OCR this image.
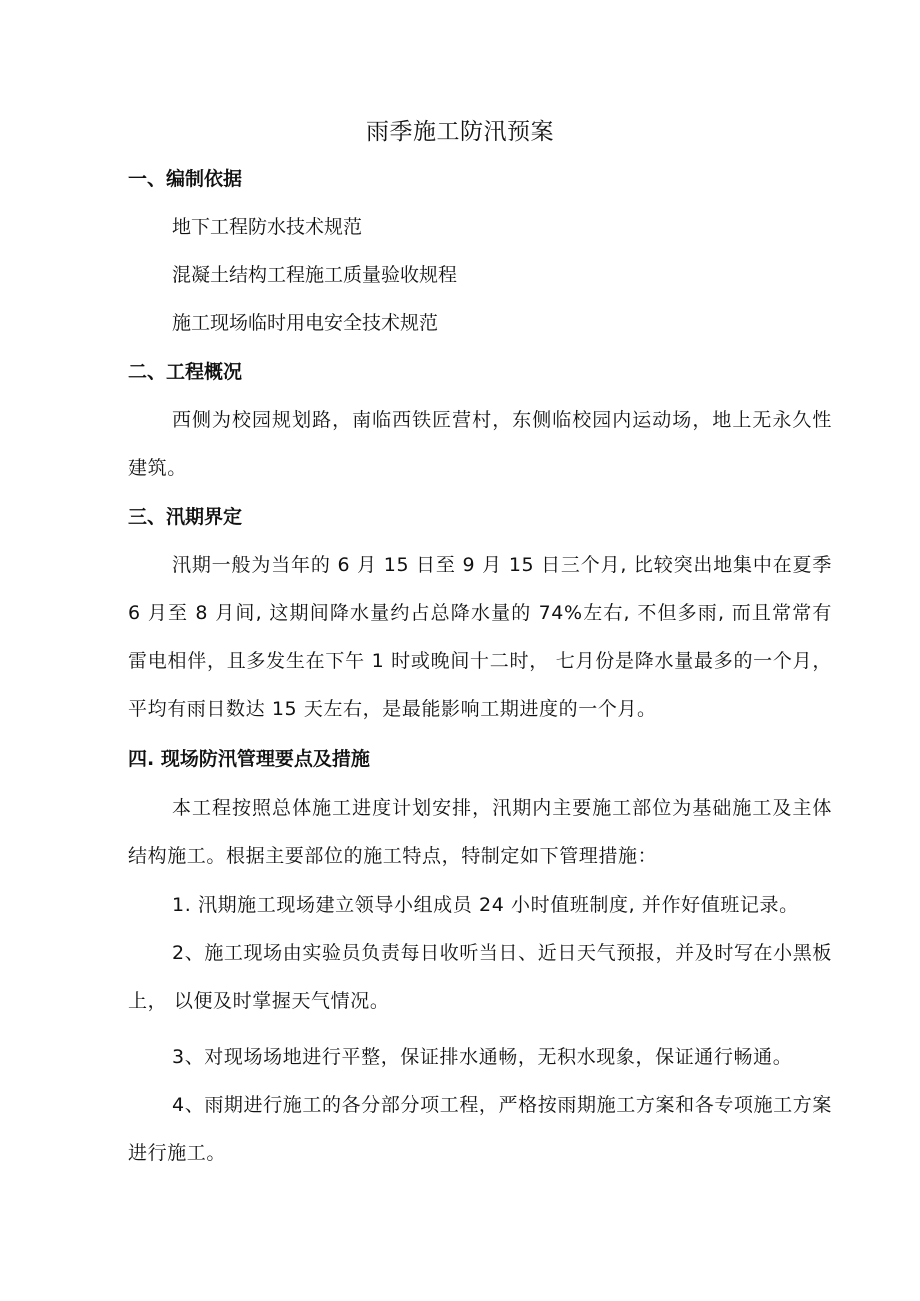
雨季施工防汛预案
一、编制依据

地下工程防水技术规范

混凝土结构工程施工质量验收规程

施工现场临时用电安全技术规范

二、工程概况

西侧为校园规划路，南临西铁匠营村，东侧临校园内运动场，地上无永久性建筑。

三、汛期界定

汛期一般为当年的 6 月 15 日至 9 月 15 日三个月, 比较突出地集中在夏季 6 月至 8 月间, 这期间降水量约占总降水量的 74%左右, 不但多雨, 而且常常有雷电相伴，且多发生在下午 1 时或晚间十二时， 七月份是降水量最多的一个月，平均有雨日数达 15 天左右，是最能影响工期进度的一个月。

四. 现场防汛管理要点及措施

本工程按照总体施工进度计划安排，汛期内主要施工部位为基础施工及主体结构施工。根据主要部位的施工特点，特制定如下管理措施：

1. 汛期施工现场建立领导小组成员 24 小时值班制度, 并作好值班记录。

2、施工现场由实验员负责每日收听当日、近日天气预报，并及时写在小黑板上， 以便及时掌握天气情况。

3、对现场场地进行平整，保证排水通畅，无积水现象，保证通行畅通。

4、雨期进行施工的各分部分项工程，严格按雨期施工方案和各专项施工方案进行施工。
